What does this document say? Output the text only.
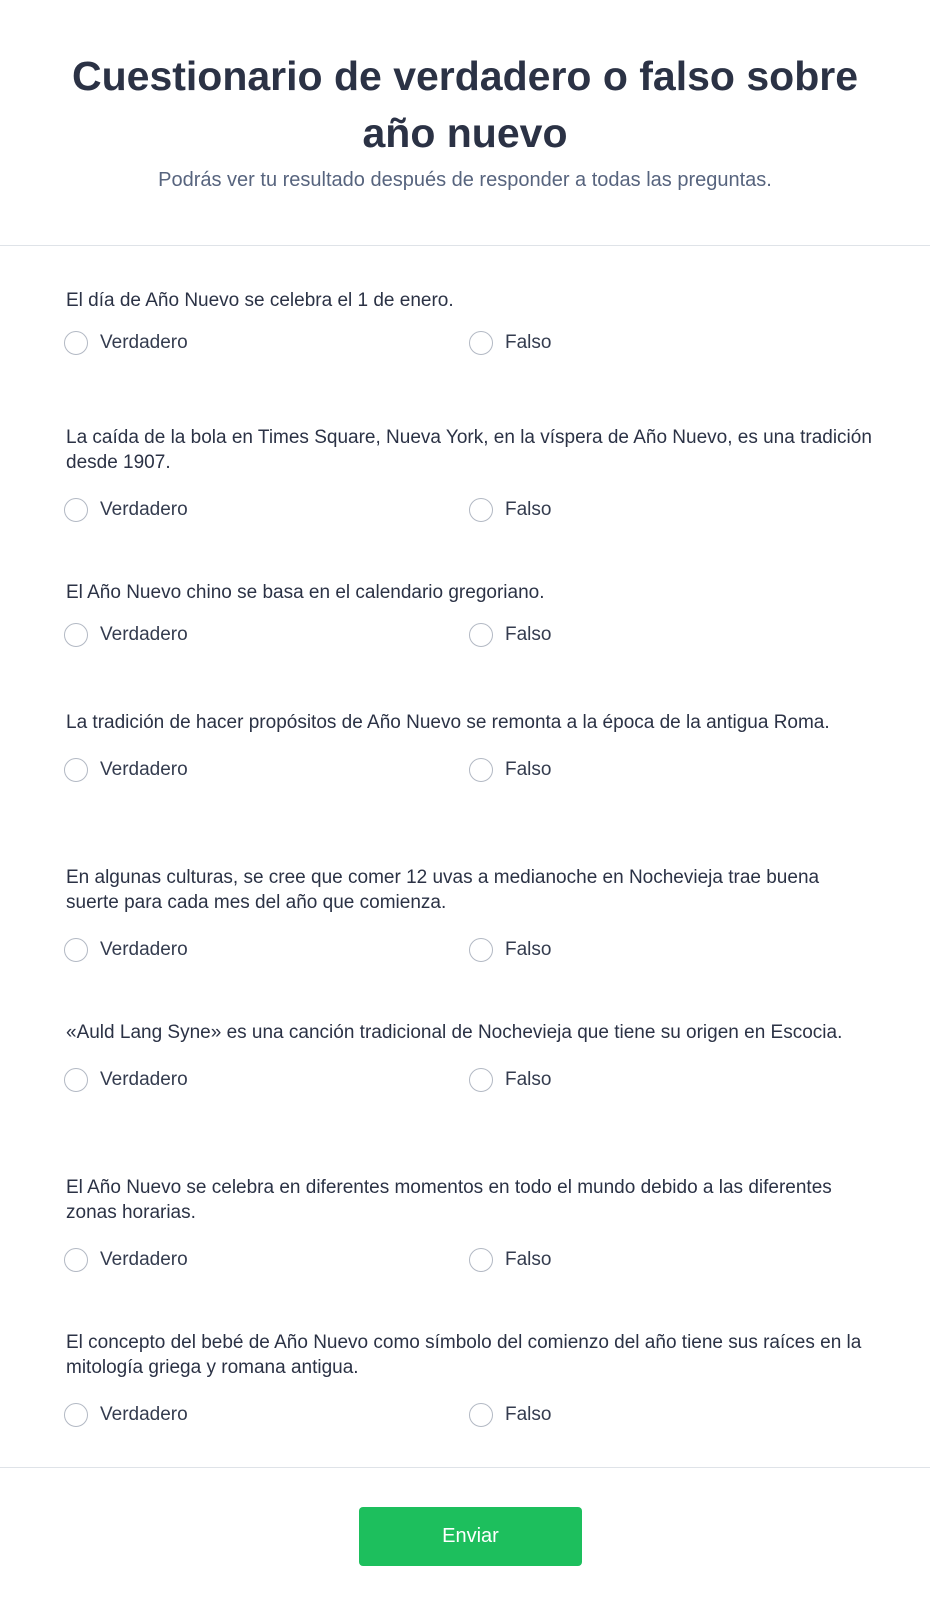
Cuestionario de verdadero o falso sobre año nuevo

Podrás ver tu resultado después de responder a todas las preguntas.

El día de Año Nuevo se celebra el 1 de enero.

Verdadero	Falso

La caída de la bola en Times Square, Nueva York, en la víspera de Año Nuevo, es una tradición desde 1907.

Verdadero	Falso

El Año Nuevo chino se basa en el calendario gregoriano.

Verdadero	Falso

La tradición de hacer propósitos de Año Nuevo se remonta a la época de la antigua Roma.

Verdadero	Falso

En algunas culturas, se cree que comer 12 uvas a medianoche en Nochevieja trae buena suerte para cada mes del año que comienza.

Verdadero	Falso

«Auld Lang Syne» es una canción tradicional de Nochevieja que tiene su origen en Escocia.

Verdadero	Falso

El Año Nuevo se celebra en diferentes momentos en todo el mundo debido a las diferentes zonas horarias.

Verdadero	Falso

El concepto del bebé de Año Nuevo como símbolo del comienzo del año tiene sus raíces en la mitología griega y romana antigua.

Verdadero	Falso
Enviar
